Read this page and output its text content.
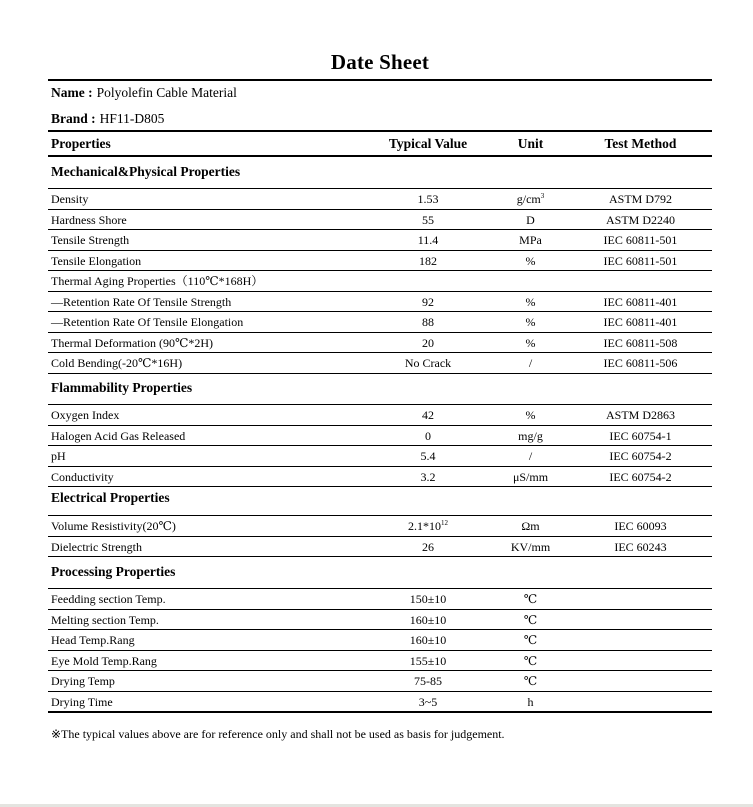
Date Sheet
Name : Polyolefin Cable Material
Brand : HF11-D805
Properties	Typical Value	Unit	Test Method
Mechanical&Physical Properties
Density	1.53	$g/cm^3$	ASTM D792
Hardness Shore	55	D	ASTM D2240
Tensile Strength	11.4	MPa	IEC 60811-501
Tensile Elongation	182	%	IEC 60811-501
Thermal Aging Properties（110℃*168H）
—Retention Rate Of Tensile Strength	92	%	IEC 60811-401
—Retention Rate Of Tensile Elongation	88	%	IEC 60811-401
Thermal Deformation (90℃*2H)	20	%	IEC 60811-508
Cold Bending(-20℃*16H)	No Crack	/	IEC 60811-506
Flammability Properties
Oxygen Index	42	%	ASTM D2863
Halogen Acid Gas Released	0	mg/g	IEC 60754-1
pH	5.4	/	IEC 60754-2
Conductivity	3.2	μS/mm	IEC 60754-2
Electrical Properties
Volume Resistivity(20℃)	$2.1*10^{12}$	Ωm	IEC 60093
Dielectric Strength	26	KV/mm	IEC 60243
Processing Properties
Feedding section Temp.	150±10	℃
Melting section Temp.	160±10	℃
Head Temp.Rang	160±10	℃
Eye Mold Temp.Rang	155±10	℃
Drying Temp	75-85	℃
Drying Time	3~5	h
※The typical values above are for reference only and shall not be used as basis for judgement.
